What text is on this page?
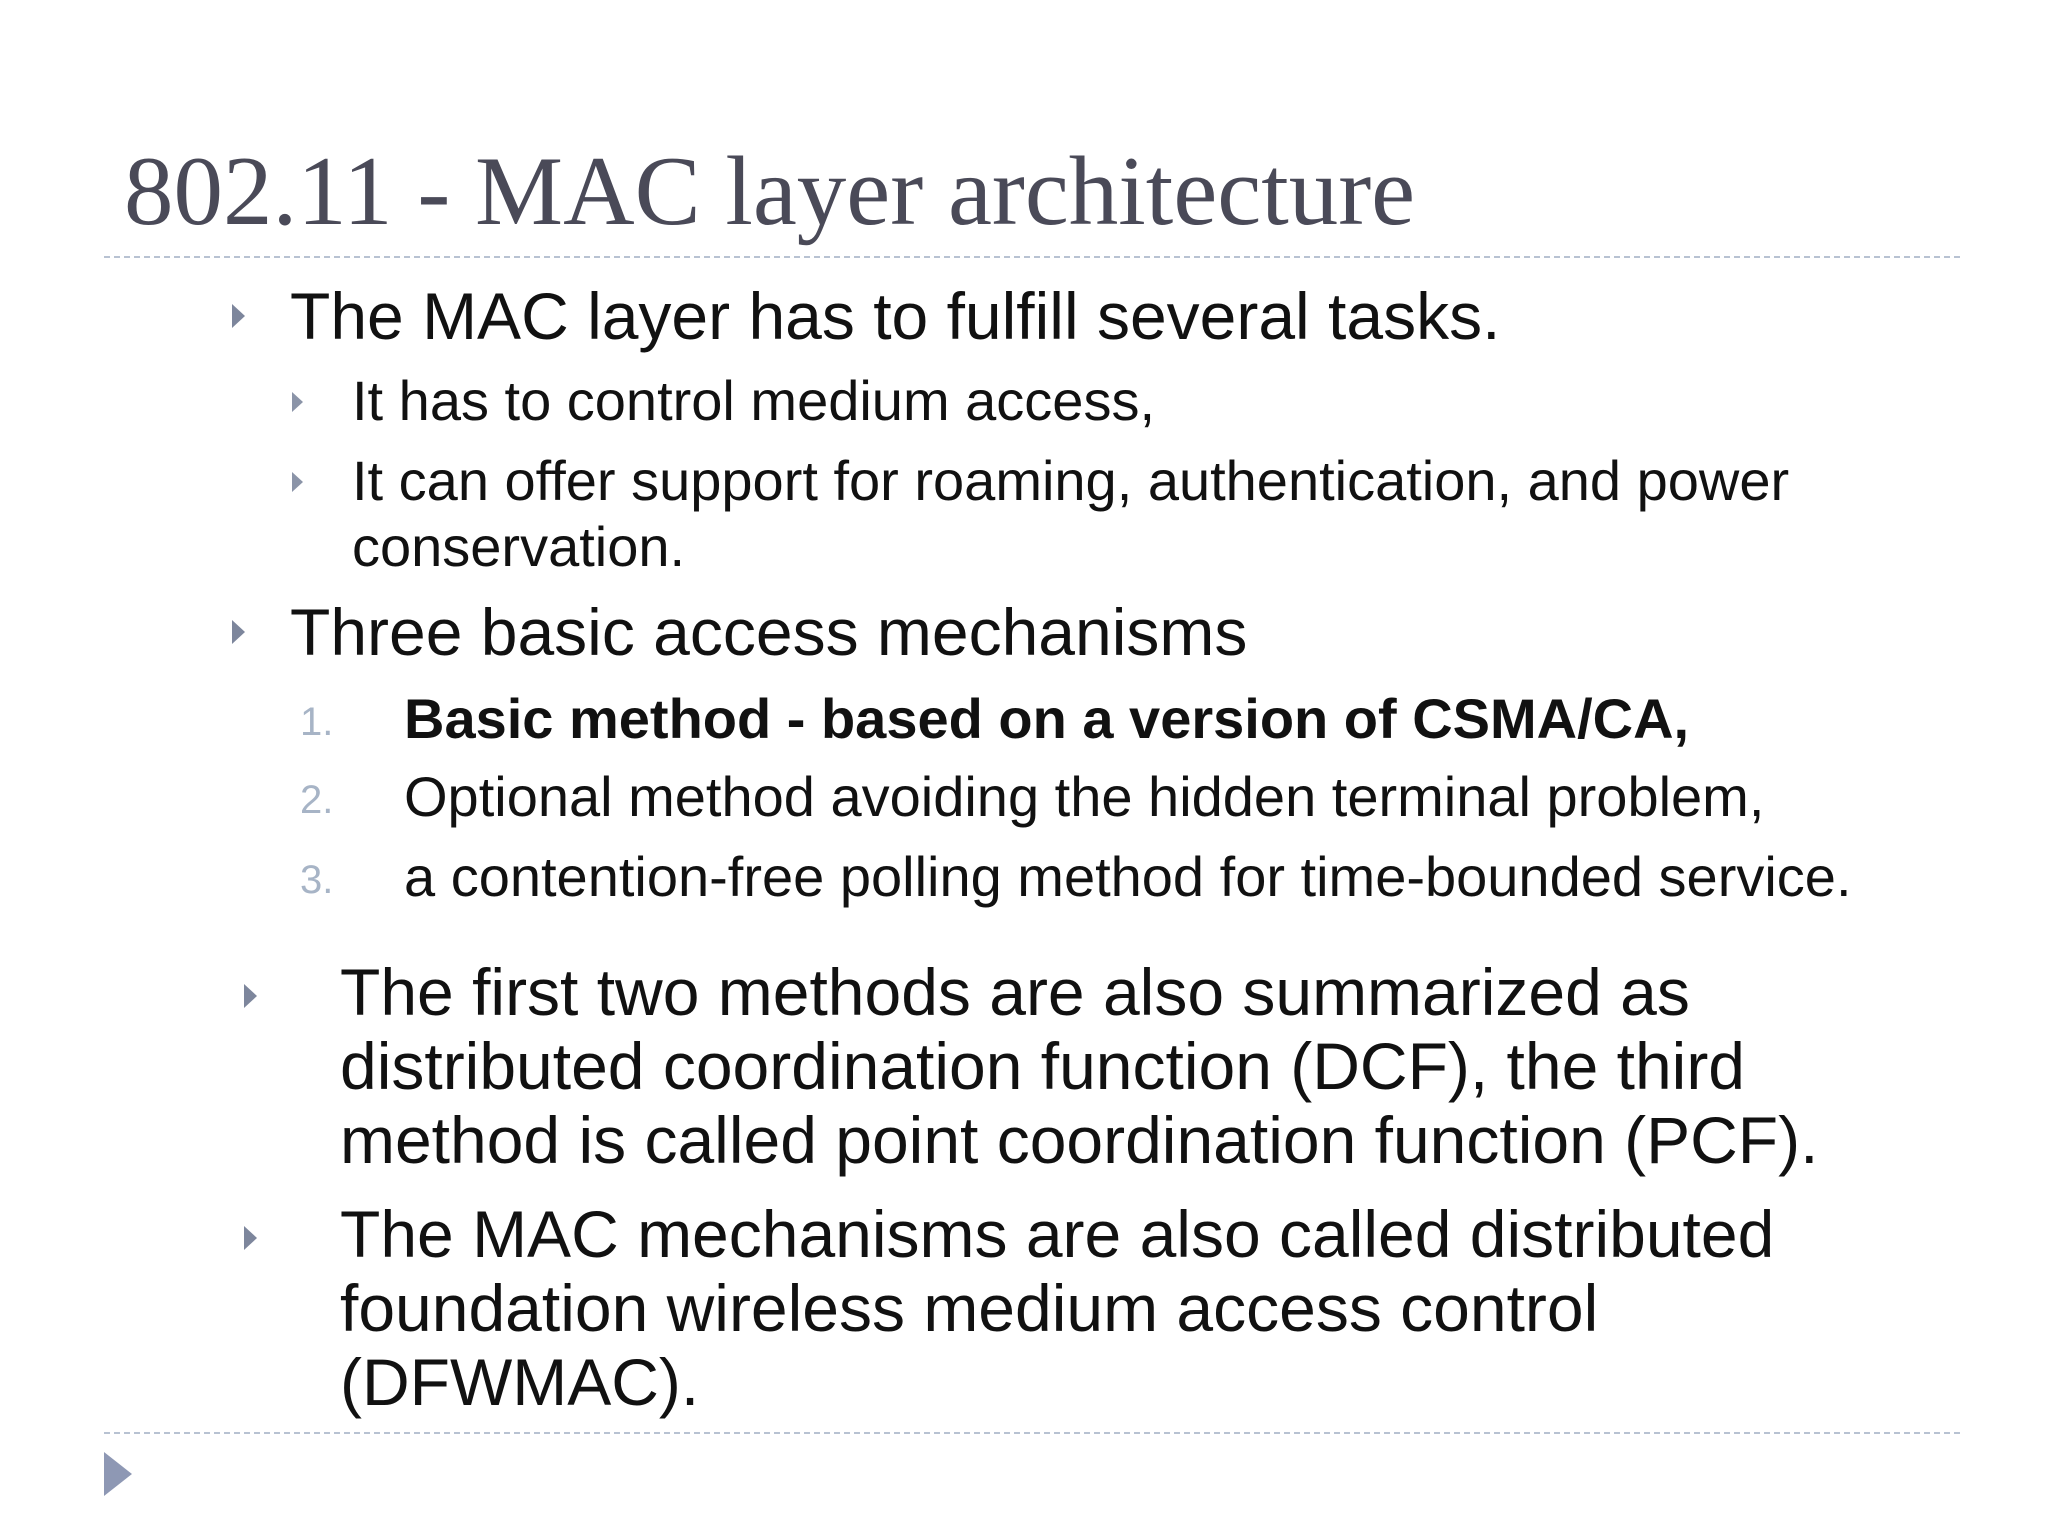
802.11 - MAC layer architecture
The MAC layer has to fulfill several tasks.
It has to control medium access,
It can offer support for roaming, authentication, and power
conservation.
Three basic access mechanisms
1. Basic method - based on a version of CSMA/CA,
2. Optional method avoiding the hidden terminal problem,
3. a contention-free polling method for time-bounded service.
The first two methods are also summarized as
distributed coordination function (DCF), the third
method is called point coordination function (PCF).
The MAC mechanisms are also called distributed
foundation wireless medium access control
(DFWMAC).
